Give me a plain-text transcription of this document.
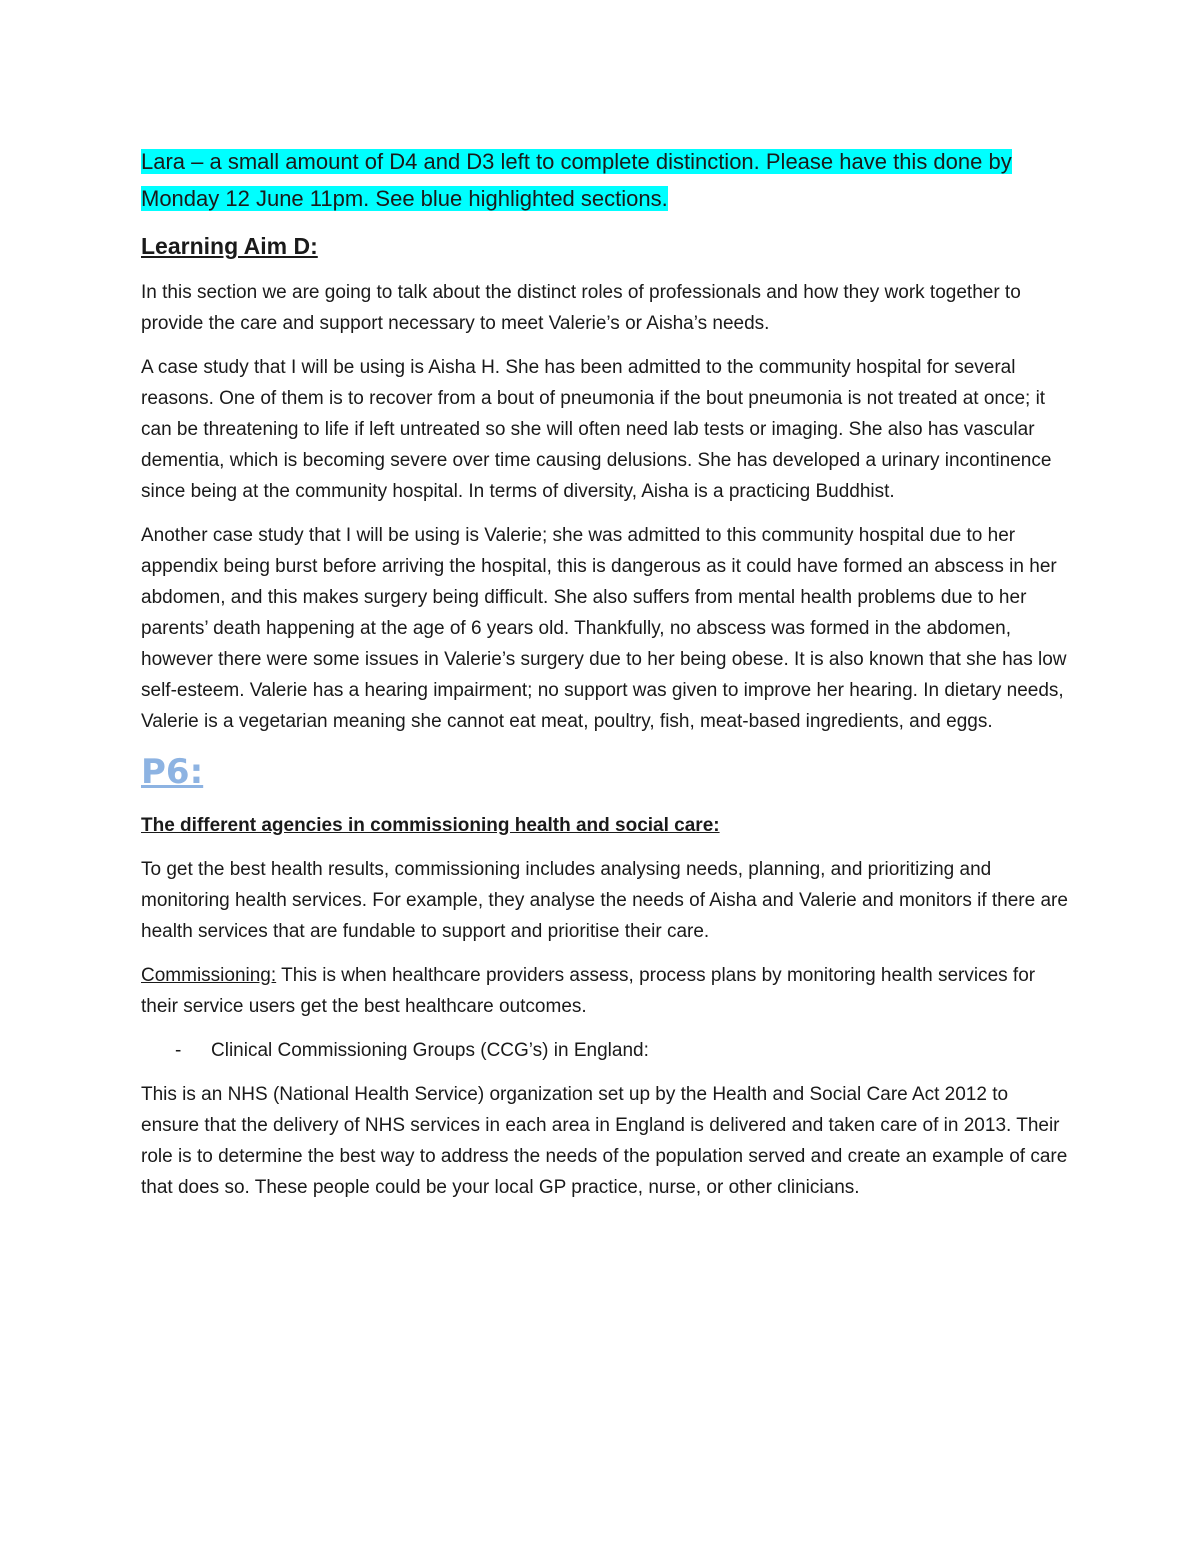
Lara – a small amount of D4 and D3 left to complete distinction. Please have this done by Monday 12 June 11pm. See blue highlighted sections.

Learning Aim D:

In this section we are going to talk about the distinct roles of professionals and how they work together to provide the care and support necessary to meet Valerie’s or Aisha’s needs.

A case study that I will be using is Aisha H. She has been admitted to the community hospital for several reasons. One of them is to recover from a bout of pneumonia if the bout pneumonia is not treated at once; it can be threatening to life if left untreated so she will often need lab tests or imaging. She also has vascular dementia, which is becoming severe over time causing delusions. She has developed a urinary incontinence since being at the community hospital. In terms of diversity, Aisha is a practicing Buddhist.

Another case study that I will be using is Valerie; she was admitted to this community hospital due to her appendix being burst before arriving the hospital, this is dangerous as it could have formed an abscess in her abdomen, and this makes surgery being difficult. She also suffers from mental health problems due to her parents’ death happening at the age of 6 years old. Thankfully, no abscess was formed in the abdomen, however there were some issues in Valerie’s surgery due to her being obese. It is also known that she has low self-esteem. Valerie has a hearing impairment; no support was given to improve her hearing. In dietary needs, Valerie is a vegetarian meaning she cannot eat meat, poultry, fish, meat-based ingredients, and eggs.

P6:
The different agencies in commissioning health and social care:

To get the best health results, commissioning includes analysing needs, planning, and prioritizing and monitoring health services. For example, they analyse the needs of Aisha and Valerie and monitors if there are health services that are fundable to support and prioritise their care.

Commissioning: This is when healthcare providers assess, process plans by monitoring health services for their service users get the best healthcare outcomes.

-	Clinical Commissioning Groups (CCG’s) in England:

This is an NHS (National Health Service) organization set up by the Health and Social Care Act 2012 to ensure that the delivery of NHS services in each area in England is delivered and taken care of in 2013. Their role is to determine the best way to address the needs of the population served and create an example of care that does so. These people could be your local GP practice, nurse, or other clinicians.
